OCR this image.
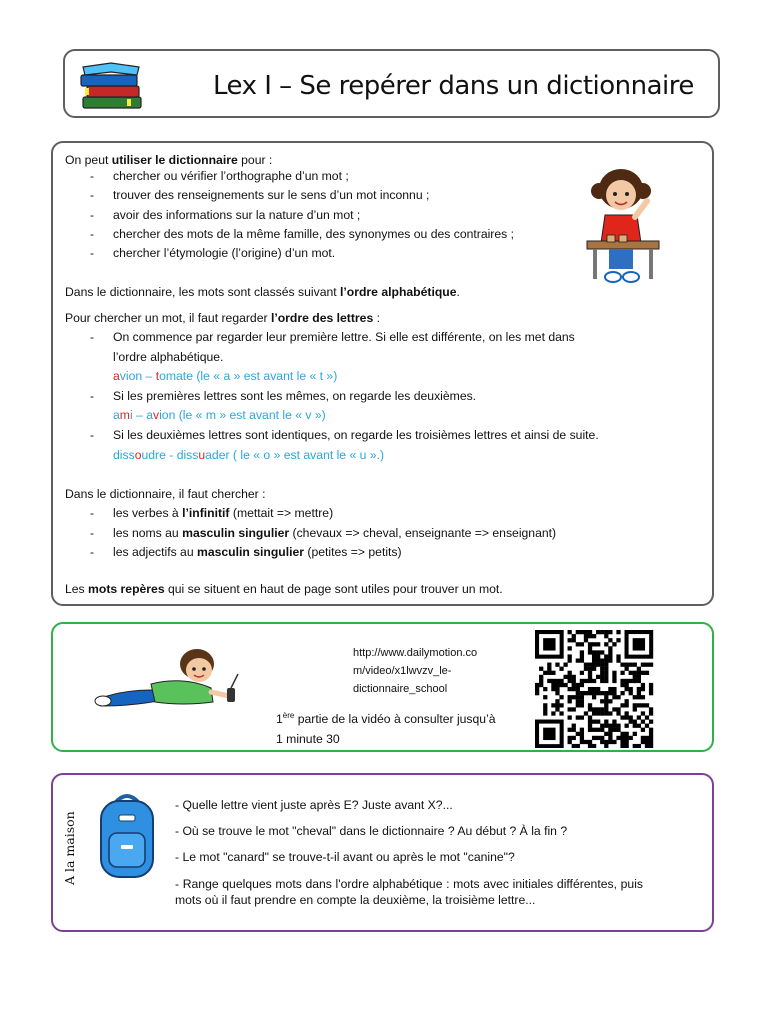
Lex I – Se repérer dans un dictionnaire
On peut utiliser le dictionnaire pour :
- chercher ou vérifier l’orthographe d’un mot ;
- trouver des renseignements sur le sens d’un mot inconnu ;
- avoir des informations sur la nature d’un mot ;
- chercher des mots de la même famille, des synonymes ou des contraires ;
- chercher l’étymologie (l’origine) d’un mot.
Dans le dictionnaire, les mots sont classés suivant l’ordre alphabétique.
Pour chercher un mot, il faut regarder l’ordre des lettres :
- On commence par regarder leur première lettre. Si elle est différente, on les met dans
l’ordre alphabétique.
avion – tomate (le « a » est avant le « t »)
- Si les premières lettres sont les mêmes, on regarde les deuxièmes.
ami – avion (le « m » est avant le « v »)
- Si les deuxièmes lettres sont identiques, on regarde les troisièmes lettres et ainsi de suite.
dissoudre - dissuader ( le « o » est avant le « u ».)
Dans le dictionnaire, il faut chercher :
- les verbes à l’infinitif (mettait => mettre)
- les noms au masculin singulier (chevaux => cheval, enseignante => enseignant)
- les adjectifs au masculin singulier (petites => petits)
Les mots repères qui se situent en haut de page sont utiles pour trouver un mot.
http://www.dailymotion.co
m/video/x1lwvzv_le-
dictionnaire_school
1ère partie de la vidéo à consulter jusqu’à
1 minute 30
A la maison
- Quelle lettre vient juste après E? Juste avant X?...
- Où se trouve le mot "cheval" dans le dictionnaire ? Au début ? À la fin ?
- Le mot "canard" se trouve-t-il avant ou après le mot "canine"?
- Range quelques mots dans l'ordre alphabétique : mots avec initiales différentes, puis mots où il faut prendre en compte la deuxième, la troisième lettre...
